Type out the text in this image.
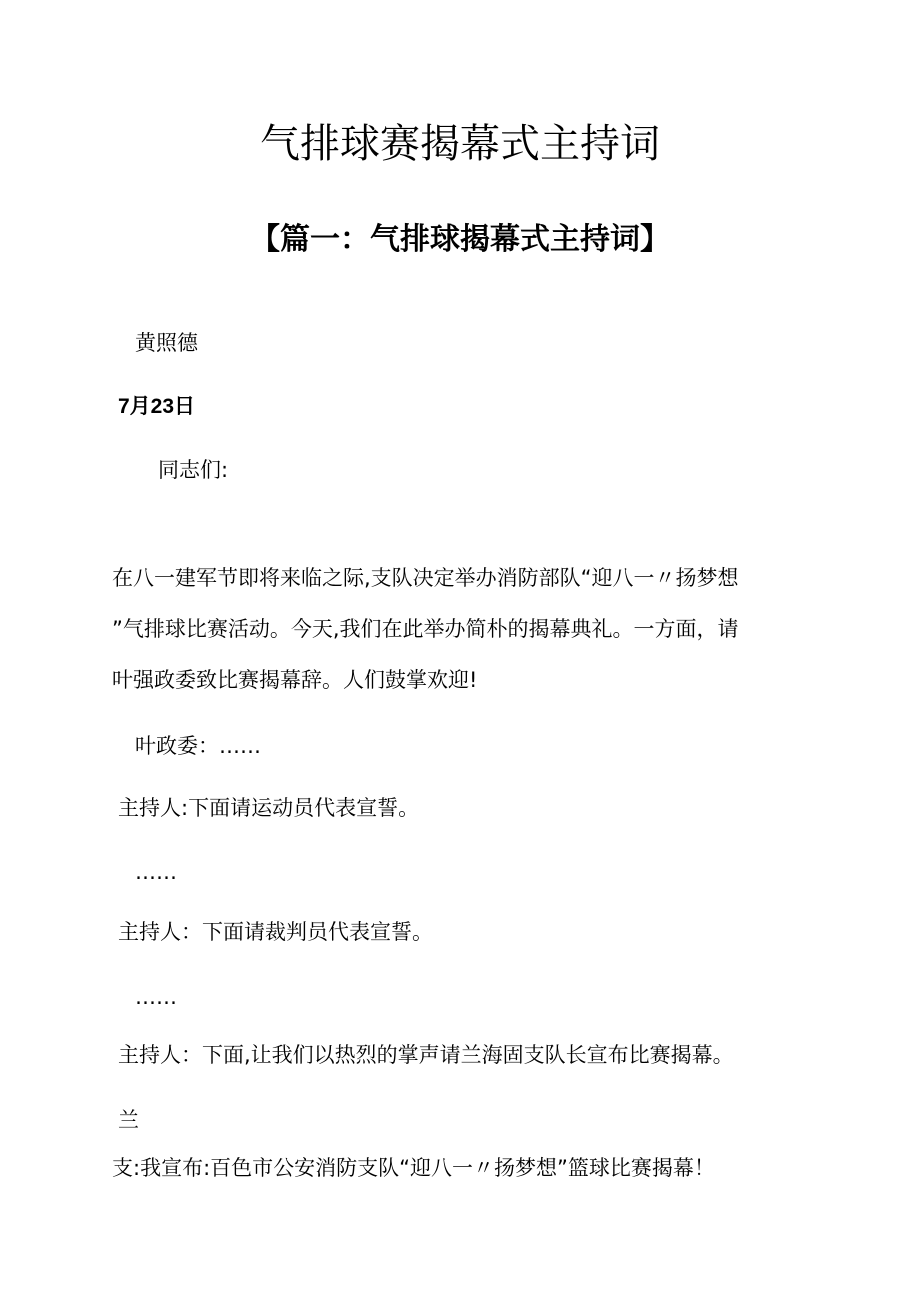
气排球赛揭幕式主持词
【篇一：气排球揭幕式主持词】
黄照德
7月23日
同志们:
在八一建军节即将来临之际,支队决定举办消防部队“迎八一〃扬梦想
”气排球比赛活动。今天,我们在此举办简朴的揭幕典礼。一方面，请
叶强政委致比赛揭幕辞。人们鼓掌欢迎!
叶政委：……
主持人:下面请运动员代表宣誓。
……
主持人：下面请裁判员代表宣誓。
……
主持人：下面,让我们以热烈的掌声请兰海固支队长宣布比赛揭幕。
兰
支:我宣布:百色市公安消防支队“迎八一〃扬梦想”篮球比赛揭幕！
